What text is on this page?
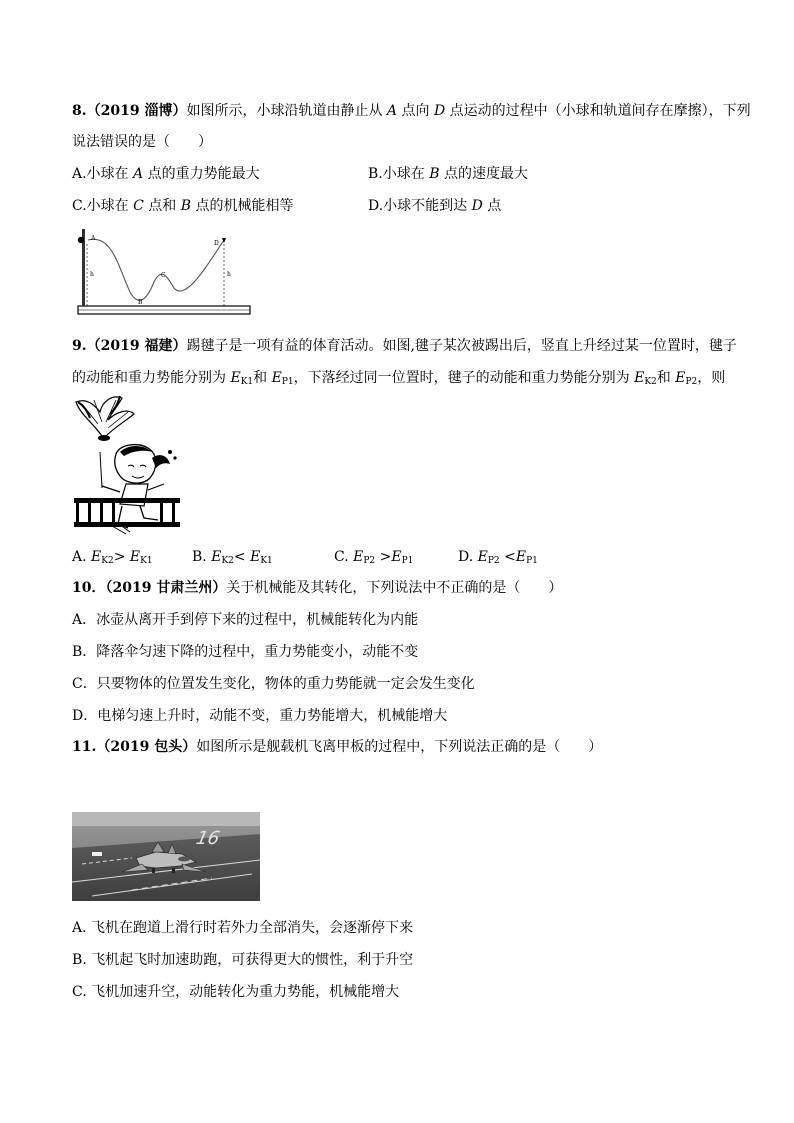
8.（2019 淄博）如图所示，小球沿轨道由静止从 A 点向 D 点运动的过程中（小球和轨道间存在摩擦），下列
说法错误的是（　　）
A.小球在 A 点的重力势能最大	B.小球在 B 点的速度最大
C.小球在 C 点和 B 点的机械能相等	D.小球不能到达 D 点
A
B
C
D
h	h
9.（2019 福建）踢毽子是一项有益的体育活动。如图,毽子某次被踢出后，竖直上升经过某一位置时，毽子
的动能和重力势能分别为 $E_{K1}$和 $E_{P1}$，下落经过同一位置时，毽子的动能和重力势能分别为 $E_{K2}$和 $E_{P2}$，则
A. $E_{K2}> E_{K1}$	B. $E_{K2}< E_{K1}$	C. $E_{P2} >E_{P1}$	D. $E_{P2} <E_{P1}$
10．（2019 甘肃兰州）关于机械能及其转化，下列说法中不正确的是（　　）
A．冰壶从离开手到停下来的过程中，机械能转化为内能
B．降落伞匀速下降的过程中，重力势能变小，动能不变
C．只要物体的位置发生变化，物体的重力势能就一定会发生变化
D．电梯匀速上升时，动能不变，重力势能增大，机械能增大
11.（2019 包头）如图所示是舰载机飞离甲板的过程中，下列说法正确的是（　　）
16
A. 飞机在跑道上滑行时若外力全部消失，会逐渐停下来
B. 飞机起飞时加速助跑，可获得更大的惯性，利于升空
C. 飞机加速升空，动能转化为重力势能，机械能增大
